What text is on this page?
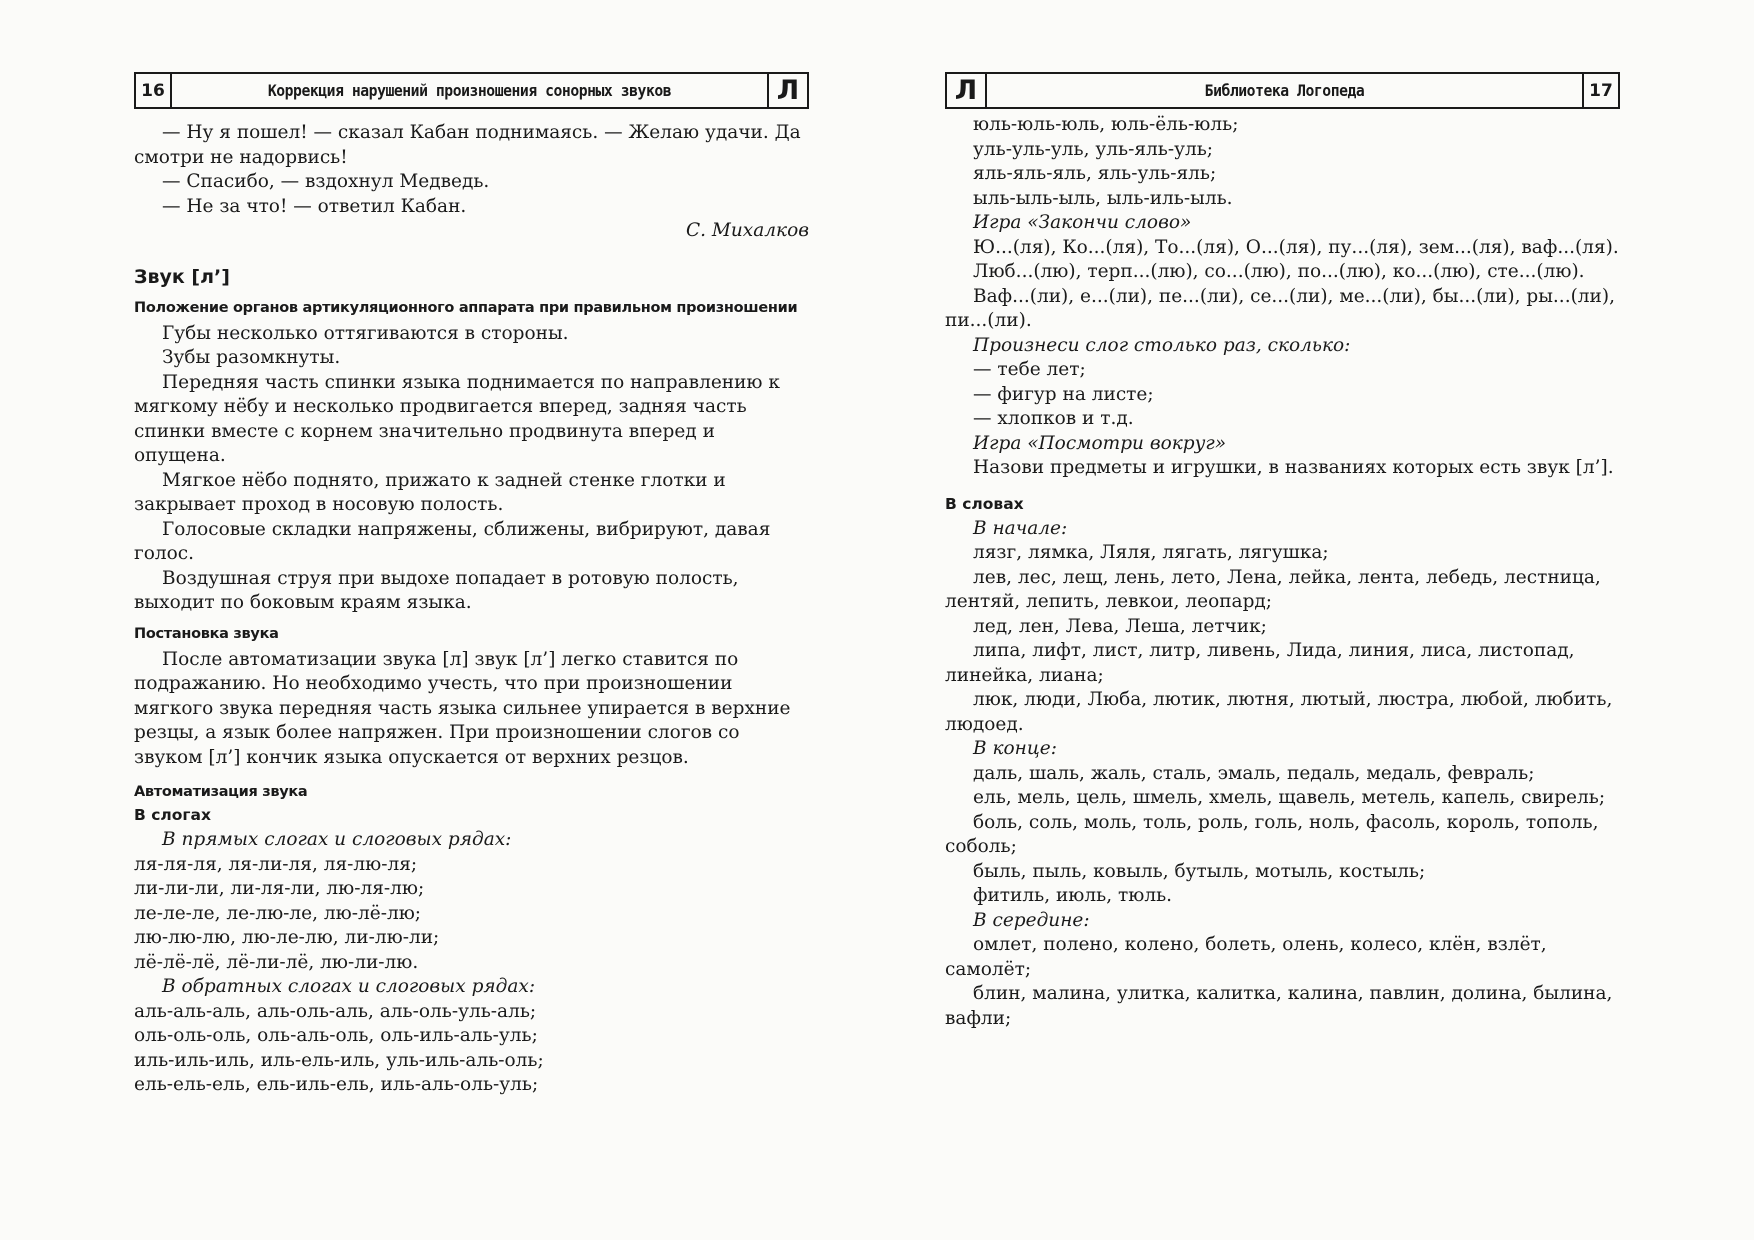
16	Коррекция нарушений произношения сонорных звуков	Л

— Ну я пошел! — сказал Кабан поднимаясь. — Желаю удачи. Да смотри не надорвись!

— Спасибо, — вздохнул Медведь.

— Не за что! — ответил Кабан.

С. Михалков

Звук [л’]
Положение органов артикуляционного аппарата при правильном произношении

Губы несколько оттягиваются в стороны.

Зубы разомкнуты.

Передняя часть спинки языка поднимается по направлению к мягкому нёбу и несколько продвигается вперед, задняя часть спинки вместе с корнем значительно продвинута вперед и опущена.

Мягкое нёбо поднято, прижато к задней стенке глотки и закрывает проход в носовую полость.

Голосовые складки напряжены, сближены, вибрируют, давая голос.

Воздушная струя при выдохе попадает в ротовую полость, выходит по боковым краям языка.

Постановка звука

После автоматизации звука [л] звук [л’] легко ставится по подражанию. Но необходимо учесть, что при произношении мягкого звука передняя часть языка сильнее упирается в верхние резцы, а язык более напряжен. При произношении слогов со звуком [л’] кончик языка опускается от верхних резцов.

Автоматизация звука
В слогах

В прямых слогах и слоговых рядах:

ля-ля-ля, ля-ли-ля, ля-лю-ля;

ли-ли-ли, ли-ля-ли, лю-ля-лю;

ле-ле-ле, ле-лю-ле, лю-лё-лю;

лю-лю-лю, лю-ле-лю, ли-лю-ли;

лё-лё-лё, лё-ли-лё, лю-ли-лю.

В обратных слогах и слоговых рядах:

аль-аль-аль, аль-оль-аль, аль-оль-уль-аль;

оль-оль-оль, оль-аль-оль, оль-иль-аль-уль;

иль-иль-иль, иль-ель-иль, уль-иль-аль-оль;

ель-ель-ель, ель-иль-ель, иль-аль-оль-уль;

Л	Библиотека Логопеда	17

юль-юль-юль, юль-ёль-юль;

уль-уль-уль, уль-яль-уль;

яль-яль-яль, яль-уль-яль;

ыль-ыль-ыль, ыль-иль-ыль.

Игра «Закончи слово»

Ю...(ля), Ко...(ля), То...(ля), О...(ля), пу...(ля), зем...(ля), ваф...(ля).

Люб...(лю), терп...(лю), со...(лю), по...(лю), ко...(лю), сте...(лю).

Ваф...(ли), е...(ли), пе...(ли), се...(ли), ме...(ли), бы...(ли), ры...(ли), пи...(ли).

Произнеси слог столько раз, сколько:

— тебе лет;

— фигур на листе;

— хлопков и т.д.

Игра «Посмотри вокруг»

Назови предметы и игрушки, в названиях которых есть звук [л’].

В словах

В начале:

лязг, лямка, Ляля, лягать, лягушка;

лев, лес, лещ, лень, лето, Лена, лейка, лента, лебедь, лестница, лентяй, лепить, левкои, леопард;

лед, лен, Лева, Леша, летчик;

липа, лифт, лист, литр, ливень, Лида, линия, лиса, листопад, линейка, лиана;

люк, люди, Люба, лютик, лютня, лютый, люстра, любой, любить, людоед.

В конце:

даль, шаль, жаль, сталь, эмаль, педаль, медаль, февраль;

ель, мель, цель, шмель, хмель, щавель, метель, капель, свирель;

боль, соль, моль, толь, роль, голь, ноль, фасоль, король, тополь, соболь;

быль, пыль, ковыль, бутыль, мотыль, костыль;

фитиль, июль, тюль.

В середине:

омлет, полено, колено, болеть, олень, колесо, клён, взлёт, самолёт;

блин, малина, улитка, калитка, калина, павлин, долина, былина, вафли;
